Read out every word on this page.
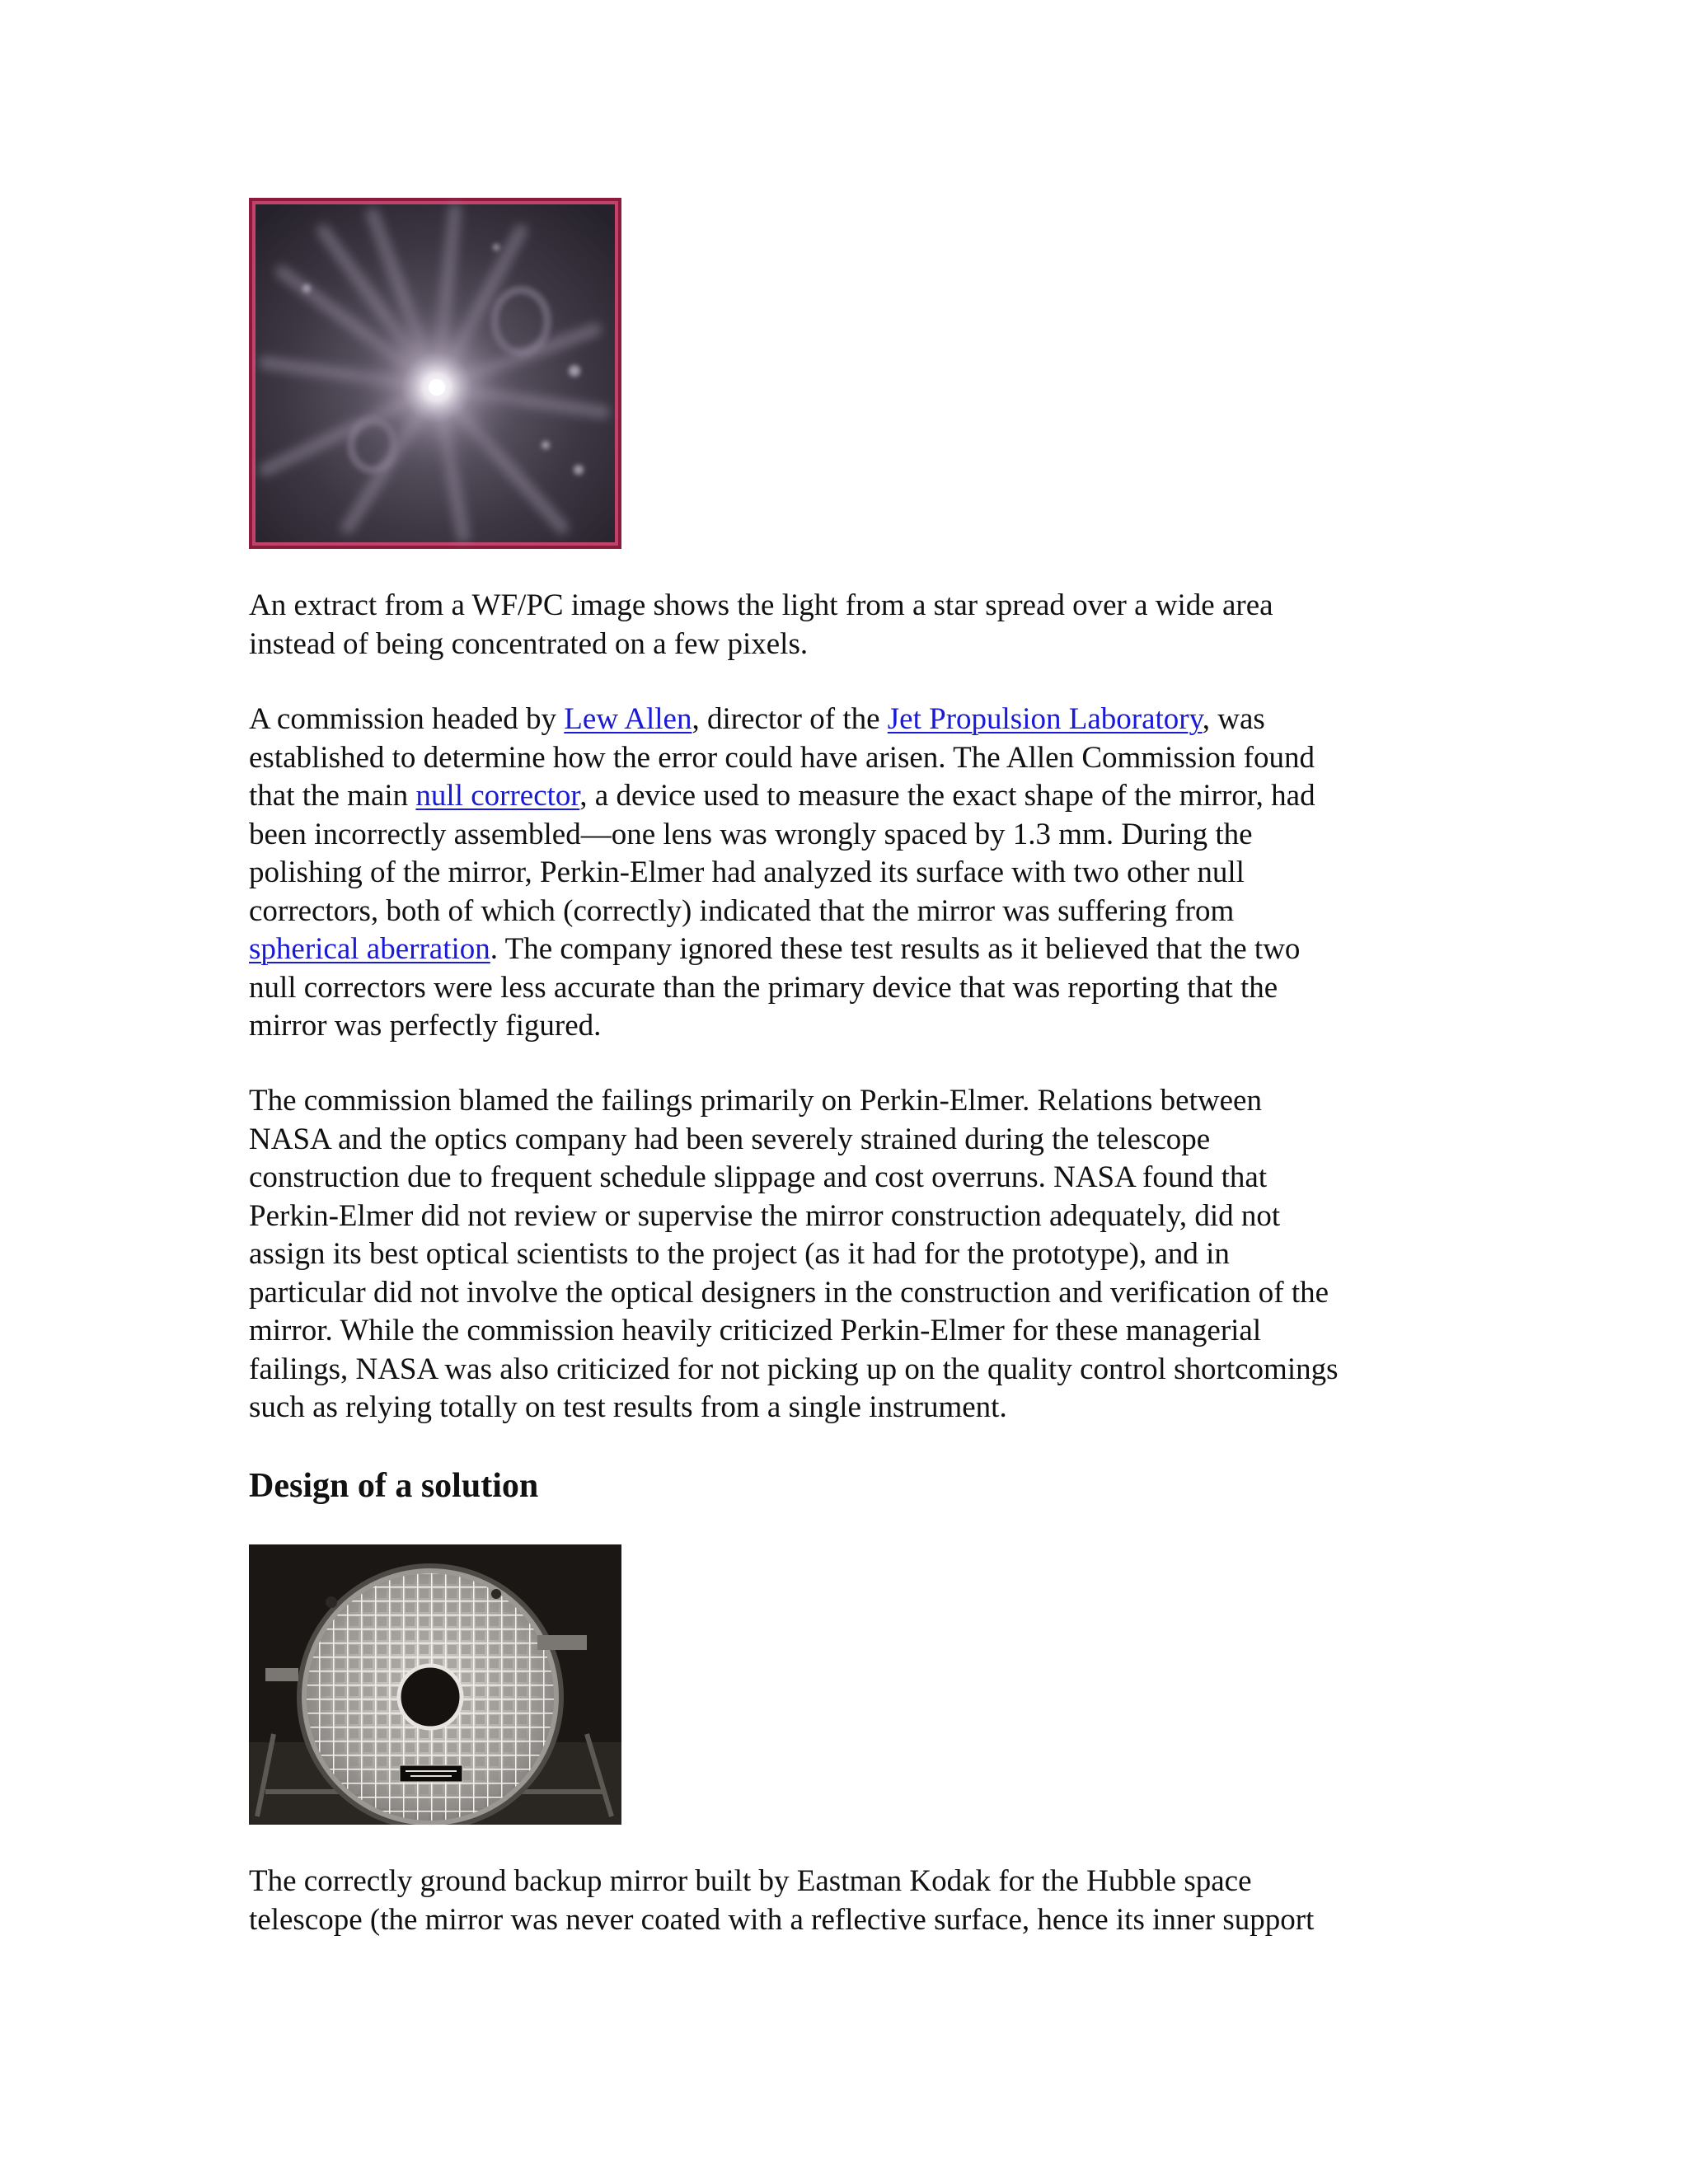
An extract from a WF/PC image shows the light from a star spread over a wide area
instead of being concentrated on a few pixels.

A commission headed by Lew Allen, director of the Jet Propulsion Laboratory, was
established to determine how the error could have arisen. The Allen Commission found
that the main null corrector, a device used to measure the exact shape of the mirror, had
been incorrectly assembled—one lens was wrongly spaced by 1.3 mm. During the
polishing of the mirror, Perkin-Elmer had analyzed its surface with two other null
correctors, both of which (correctly) indicated that the mirror was suffering from
spherical aberration. The company ignored these test results as it believed that the two
null correctors were less accurate than the primary device that was reporting that the
mirror was perfectly figured.

The commission blamed the failings primarily on Perkin-Elmer. Relations between
NASA and the optics company had been severely strained during the telescope
construction due to frequent schedule slippage and cost overruns. NASA found that
Perkin-Elmer did not review or supervise the mirror construction adequately, did not
assign its best optical scientists to the project (as it had for the prototype), and in
particular did not involve the optical designers in the construction and verification of the
mirror. While the commission heavily criticized Perkin-Elmer for these managerial
failings, NASA was also criticized for not picking up on the quality control shortcomings
such as relying totally on test results from a single instrument.

Design of a solution

The correctly ground backup mirror built by Eastman Kodak for the Hubble space
telescope (the mirror was never coated with a reflective surface, hence its inner support
